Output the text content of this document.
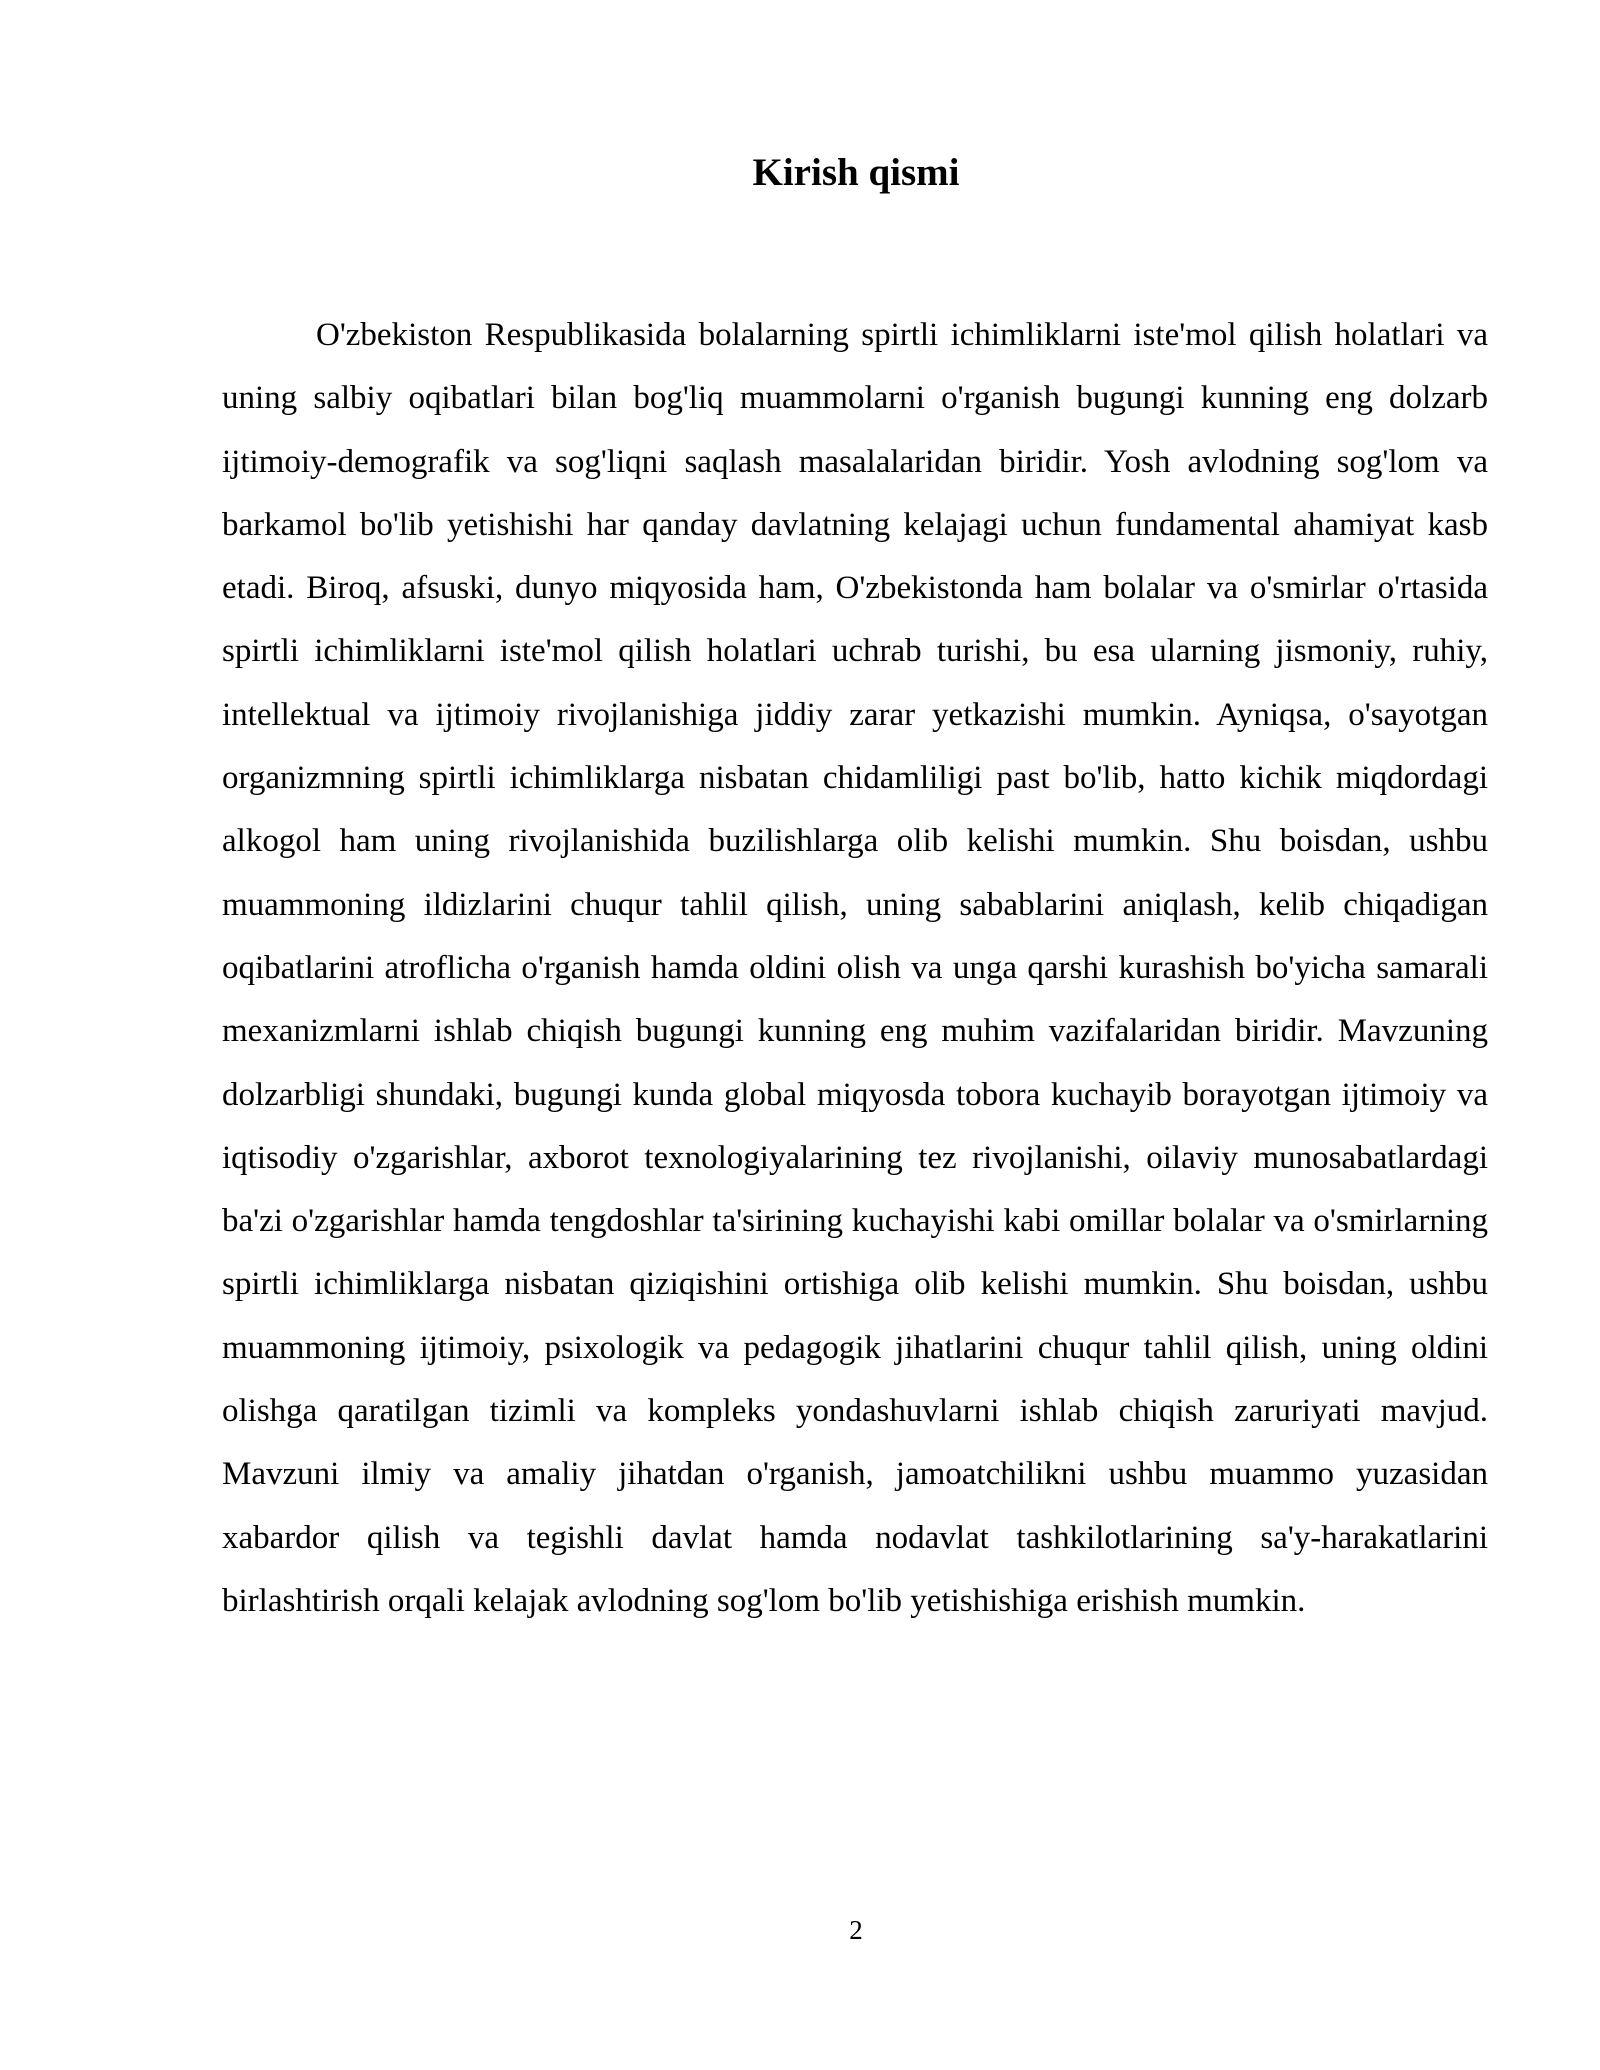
Kirish qismi

O'zbekiston Respublikasida bolalarning spirtli ichimliklarni iste'mol qilish holatlari va uning salbiy oqibatlari bilan bog'liq muammolarni o'rganish bugungi kunning eng dolzarb ijtimoiy-demografik va sog'liqni saqlash masalalaridan biridir. Yosh avlodning sog'lom va barkamol bo'lib yetishishi har qanday davlatning kelajagi uchun fundamental ahamiyat kasb etadi. Biroq, afsuski, dunyo miqyosida ham, O'zbekistonda ham bolalar va o'smirlar o'rtasida spirtli ichimliklarni iste'mol qilish holatlari uchrab turishi, bu esa ularning jismoniy, ruhiy, intellektual va ijtimoiy rivojlanishiga jiddiy zarar yetkazishi mumkin. Ayniqsa, o'sayotgan organizmning spirtli ichimliklarga nisbatan chidamliligi past bo'lib, hatto kichik miqdordagi alkogol ham uning rivojlanishida buzilishlarga olib kelishi mumkin. Shu boisdan, ushbu muammoning ildizlarini chuqur tahlil qilish, uning sabablarini aniqlash, kelib chiqadigan oqibatlarini atroflicha o'rganish hamda oldini olish va unga qarshi kurashish bo'yicha samarali mexanizmlarni ishlab chiqish bugungi kunning eng muhim vazifalaridan biridir. Mavzuning dolzarbligi shundaki, bugungi kunda global miqyosda tobora kuchayib borayotgan ijtimoiy va iqtisodiy o'zgarishlar, axborot texnologiyalarining tez rivojlanishi, oilaviy munosabatlardagi ba'zi o'zgarishlar hamda tengdoshlar ta'sirining kuchayishi kabi omillar bolalar va o'smirlarning spirtli ichimliklarga nisbatan qiziqishini ortishiga olib kelishi mumkin. Shu boisdan, ushbu muammoning ijtimoiy, psixologik va pedagogik jihatlarini chuqur tahlil qilish, uning oldini olishga qaratilgan tizimli va kompleks yondashuvlarni ishlab chiqish zaruriyati mavjud. Mavzuni ilmiy va amaliy jihatdan o'rganish, jamoatchilikni ushbu muammo yuzasidan xabardor qilish va tegishli davlat hamda nodavlat tashkilotlarining sa'y-harakatlarini birlashtirish orqali kelajak avlodning sog'lom bo'lib yetishishiga erishish mumkin.

2
